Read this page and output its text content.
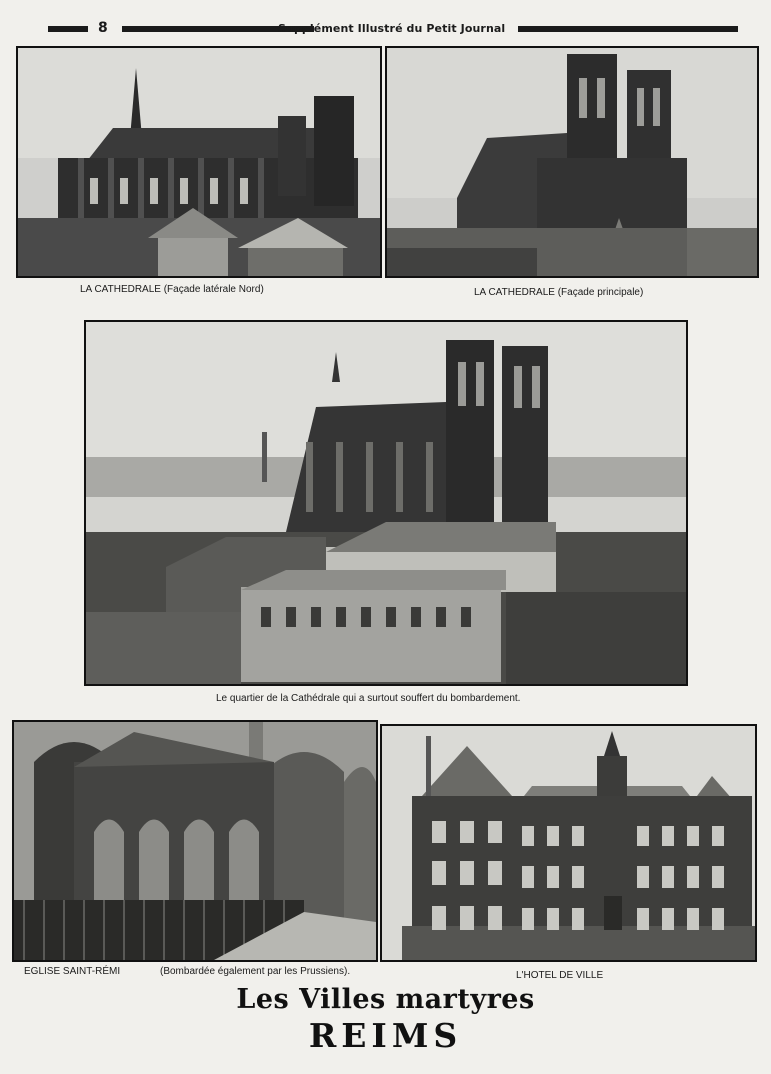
8	Supplément Illustré du Petit Journal
LA CATHEDRALE (Façade latérale Nord)	LA CATHEDRALE (Façade principale)
Le quartier de la Cathédrale qui a surtout souffert du bombardement.
EGLISE SAINT-RÉMI	(Bombardée également par les Prussiens).	L'HOTEL DE VILLE
Les Villes martyres
REIMS
